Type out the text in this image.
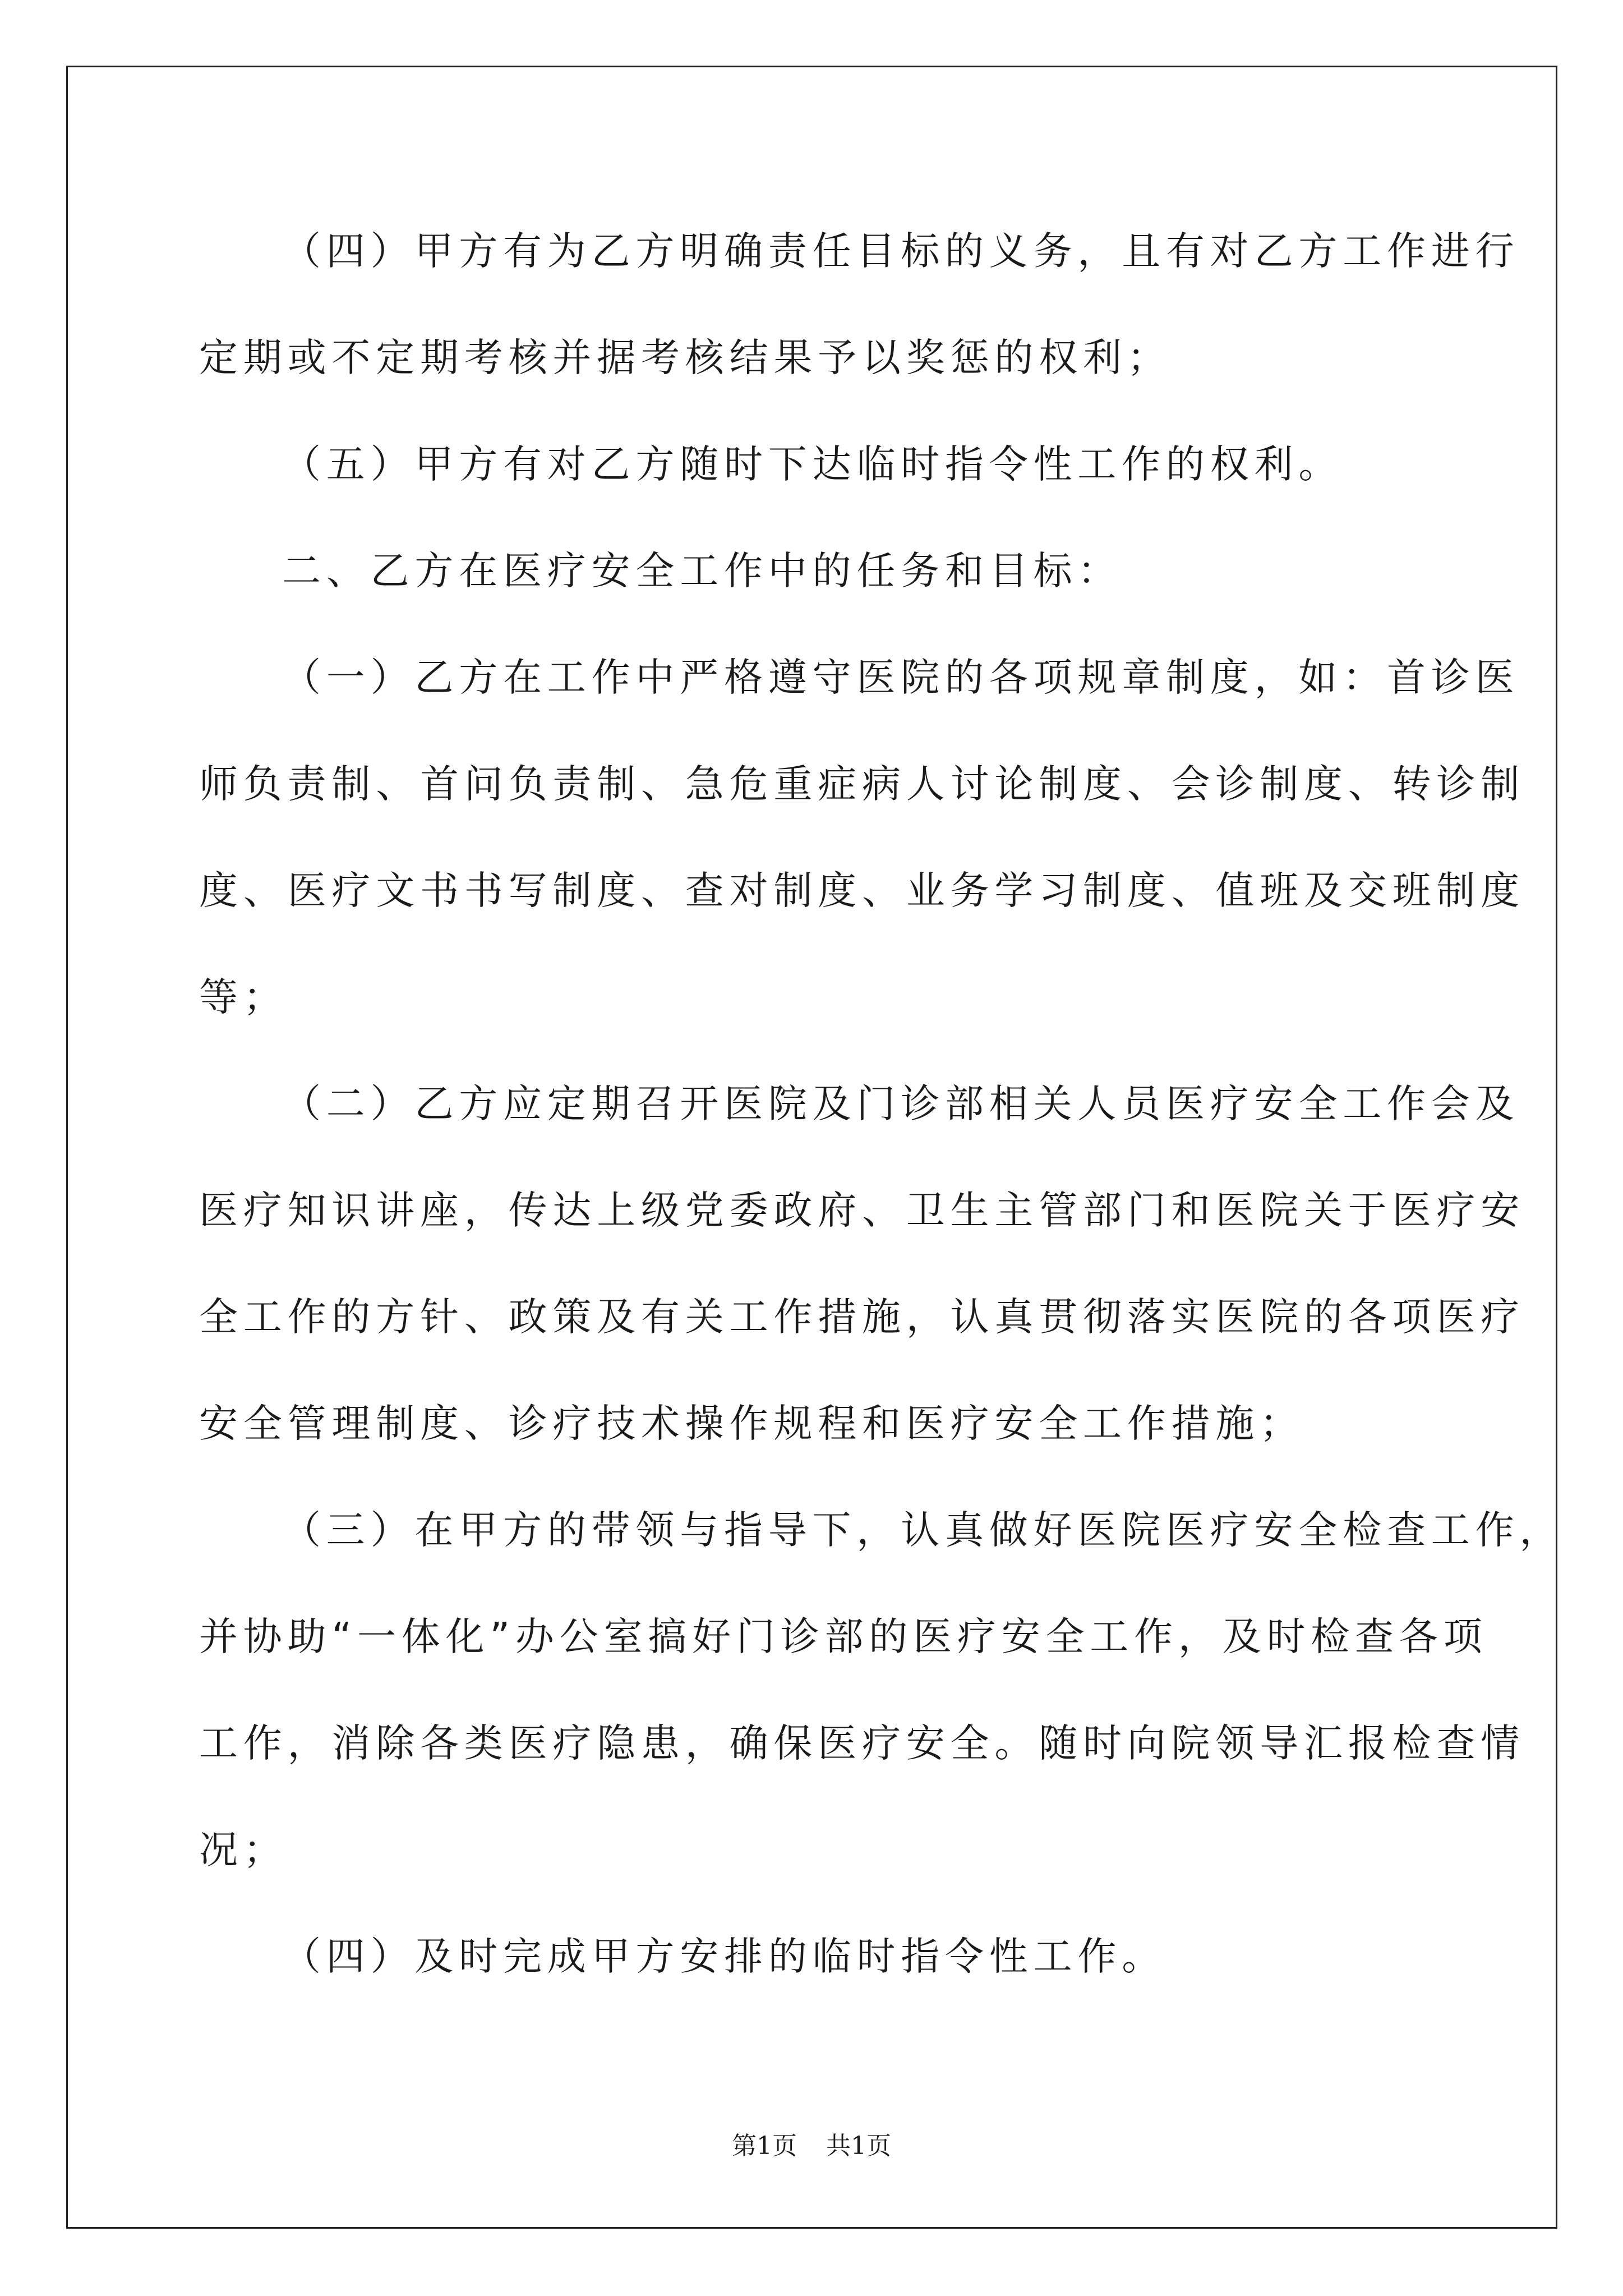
（四）甲方有为乙方明确责任目标的义务，且有对乙方工作进行
定期或不定期考核并据考核结果予以奖惩的权利；
（五）甲方有对乙方随时下达临时指令性工作的权利。
二、乙方在医疗安全工作中的任务和目标：
（一）乙方在工作中严格遵守医院的各项规章制度，如：首诊医
师负责制、首问负责制、急危重症病人讨论制度、会诊制度、转诊制
度、医疗文书书写制度、查对制度、业务学习制度、值班及交班制度
等；
（二）乙方应定期召开医院及门诊部相关人员医疗安全工作会及
医疗知识讲座，传达上级党委政府、卫生主管部门和医院关于医疗安
全工作的方针、政策及有关工作措施，认真贯彻落实医院的各项医疗
安全管理制度、诊疗技术操作规程和医疗安全工作措施；
（三）在甲方的带领与指导下，认真做好医院医疗安全检查工作，
并协助“一体化”办公室搞好门诊部的医疗安全工作，及时检查各项
工作，消除各类医疗隐患，确保医疗安全。随时向院领导汇报检查情
况；
（四）及时完成甲方安排的临时指令性工作。
第1页 共1页
